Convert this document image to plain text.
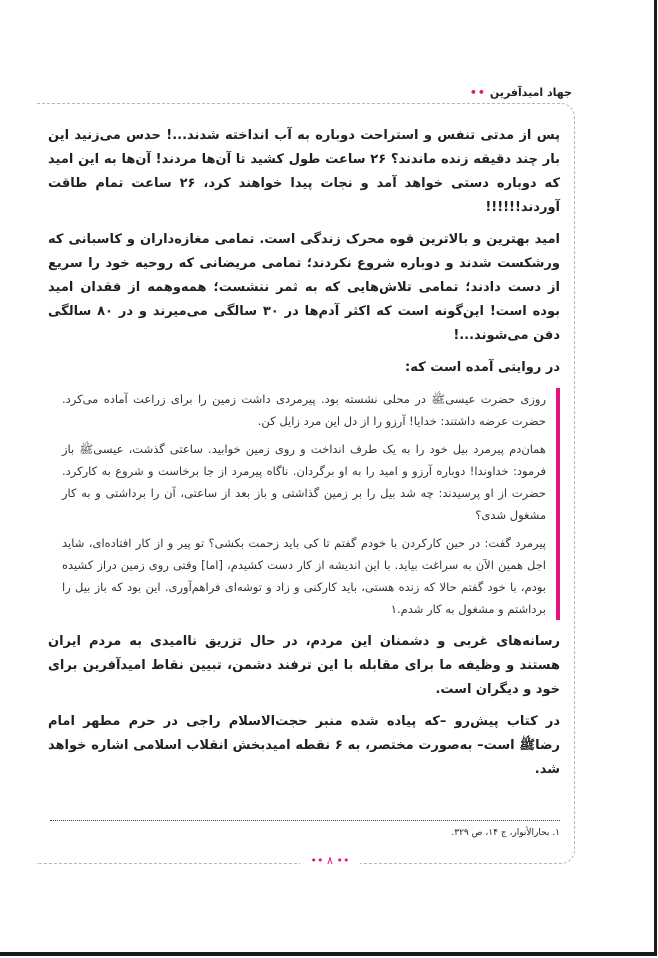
جهاد امیدآفرین
••

پس از مدتی تنفس و استراحت دوباره به آب انداخته شدند...! حدس می‌زنید این بار چند دقیقه زنده ماندند؟ ۲۶ ساعت طول کشید تا آن‌ها مردند! آن‌ها به این امید که دوباره دستی خواهد آمد و نجات پیدا خواهند کرد، ۲۶ ساعت تمام طاقت آوردند!!!!!!

امید بهترین و بالاترین قوه محرک زندگی است. تمامی مغازه‌داران و کاسبانی که ورشکست شدند و دوباره شروع نکردند؛ تمامی مریضانی که روحیه خود را سریع از دست دادند؛ تمامی تلاش‌هایی که به ثمر ننشست؛ همه‌وهمه از فقدان امید بوده است! این‌گونه است که اکثر آدم‌ها در ۳۰ سالگی می‌میرند و در ۸۰ سالگی دفن می‌شوند...!

در روایتی آمده است که:

روزی حضرت عیسی‌ﷺ در محلی نشسته بود. پیرمردی داشت زمین را برای زراعت آماده می‌کرد. حضرت عرضه داشتند: خدایا! آرزو را از دل این مرد زایل کن.

همان‌دم پیرمرد بیل خود را به یک طرف انداخت و روی زمین خوابید. ساعتی گذشت، عیسی‌ﷺ باز فرمود: خداوندا! دوباره آرزو و امید را به او برگردان. ناگاه پیرمرد از جا برخاست و شروع به کارکرد. حضرت از او پرسیدند: چه شد بیل را بر زمین گذاشتی و باز بعد از ساعتی، آن را برداشتی و به کار مشغول شدی؟

پیرمرد گفت: در حین کارکردن با خودم گفتم تا کی باید زحمت بکشی؟ تو پیر و از کار افتاده‌ای، شاید اجل همین الآن به سراغت بیاید. با این اندیشه از کار دست کشیدم، [اما] وقتی روی زمین دراز کشیده بودم، با خود گفتم حالا که زنده هستی، باید کارکنی و زاد و توشه‌ای فراهم‌آوری. این بود که باز بیل را برداشتم و مشغول به کار شدم.۱

رسانه‌های غربی و دشمنان این مردم، در حال تزریق ناامیدی به مردم ایران هستند و وظیفه ما برای مقابله با این ترفند دشمن، تبیین نقاط امیدآفرین برای خود و دیگران است.

در کتاب پیش‌رو –که پیاده شده منبر حجت‌الاسلام راجی در حرم مطهر امام رضاﷺ است– به‌صورت مختصر، به ۶ نقطه امیدبخش انقلاب اسلامی اشاره خواهد شد.

۱. بحارالأنوار، ج ۱۴، ص ۳۲۹.
•• ۸ ••
